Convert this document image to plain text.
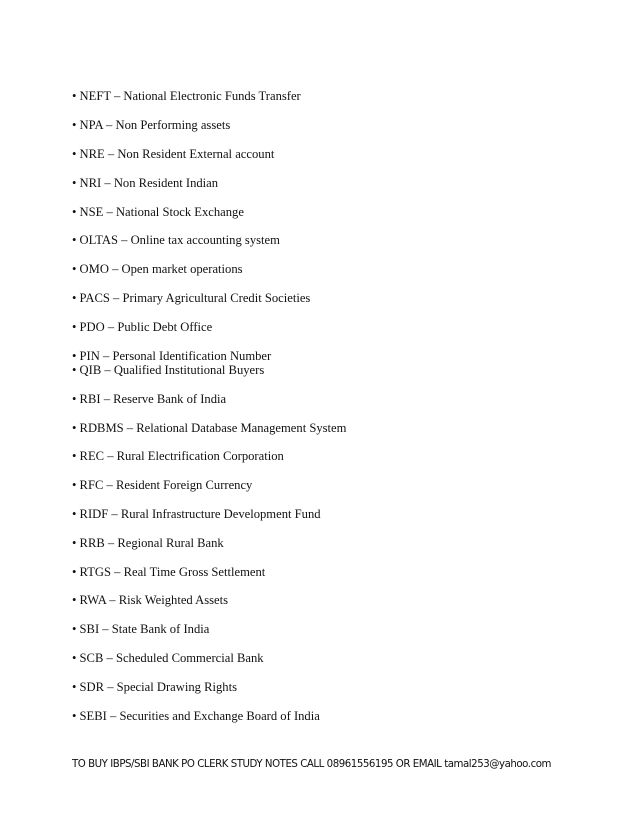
• NEFT – National Electronic Funds Transfer

• NPA – Non Performing assets

• NRE – Non Resident External account

• NRI – Non Resident Indian

• NSE – National Stock Exchange

• OLTAS – Online tax accounting system

• OMO – Open market operations

• PACS – Primary Agricultural Credit Societies

• PDO – Public Debt Office

• PIN – Personal Identification Number

• QIB – Qualified Institutional Buyers

• RBI – Reserve Bank of India

• RDBMS – Relational Database Management System

• REC – Rural Electrification Corporation

• RFC – Resident Foreign Currency

• RIDF – Rural Infrastructure Development Fund

• RRB – Regional Rural Bank

• RTGS – Real Time Gross Settlement

• RWA – Risk Weighted Assets

• SBI – State Bank of India

• SCB – Scheduled Commercial Bank

• SDR – Special Drawing Rights

• SEBI – Securities and Exchange Board of India

TO BUY IBPS/SBI BANK PO CLERK STUDY NOTES CALL 08961556195 OR EMAIL tamal253@yahoo.com
